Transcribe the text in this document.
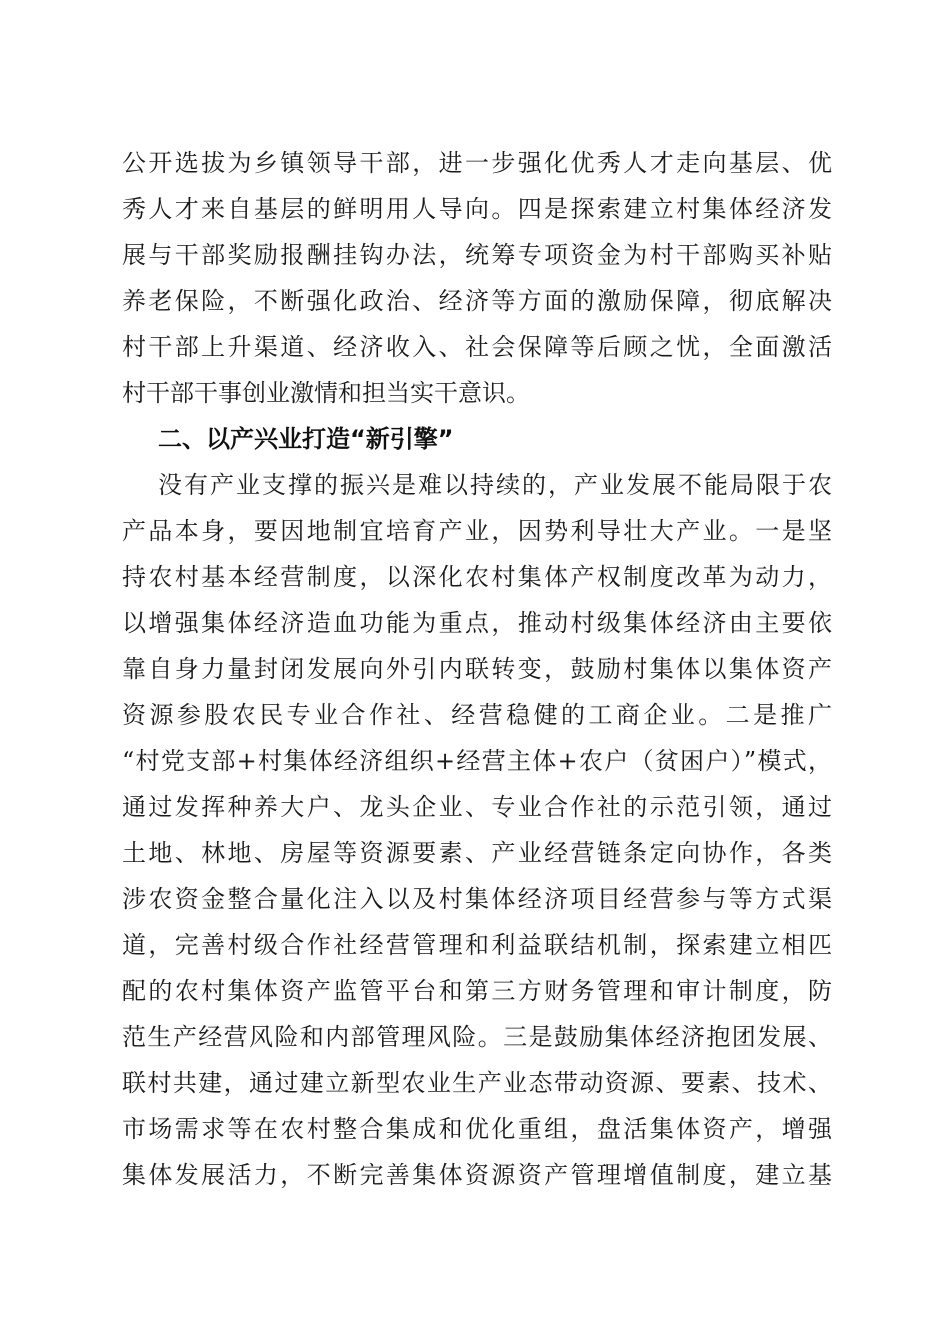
公开选拔为乡镇领导干部，进一步强化优秀人才走向基层、优
秀人才来自基层的鲜明用人导向。四是探索建立村集体经济发
展与干部奖励报酬挂钩办法，统筹专项资金为村干部购买补贴
养老保险，不断强化政治、经济等方面的激励保障，彻底解决
村干部上升渠道、经济收入、社会保障等后顾之忧，全面激活
村干部干事创业激情和担当实干意识。
二、以产兴业打造“新引擎”
没有产业支撑的振兴是难以持续的，产业发展不能局限于农
产品本身，要因地制宜培育产业，因势利导壮大产业。一是坚
持农村基本经营制度，以深化农村集体产权制度改革为动力，
以增强集体经济造血功能为重点，推动村级集体经济由主要依
靠自身力量封闭发展向外引内联转变，鼓励村集体以集体资产
资源参股农民专业合作社、经营稳健的工商企业。二是推广
“村党支部+村集体经济组织+经营主体+农户（贫困户）”模式，
通过发挥种养大户、龙头企业、专业合作社的示范引领，通过
土地、林地、房屋等资源要素、产业经营链条定向协作，各类
涉农资金整合量化注入以及村集体经济项目经营参与等方式渠
道，完善村级合作社经营管理和利益联结机制，探索建立相匹
配的农村集体资产监管平台和第三方财务管理和审计制度，防
范生产经营风险和内部管理风险。三是鼓励集体经济抱团发展、
联村共建，通过建立新型农业生产业态带动资源、要素、技术、
市场需求等在农村整合集成和优化重组，盘活集体资产，增强
集体发展活力，不断完善集体资源资产管理增值制度，建立基
